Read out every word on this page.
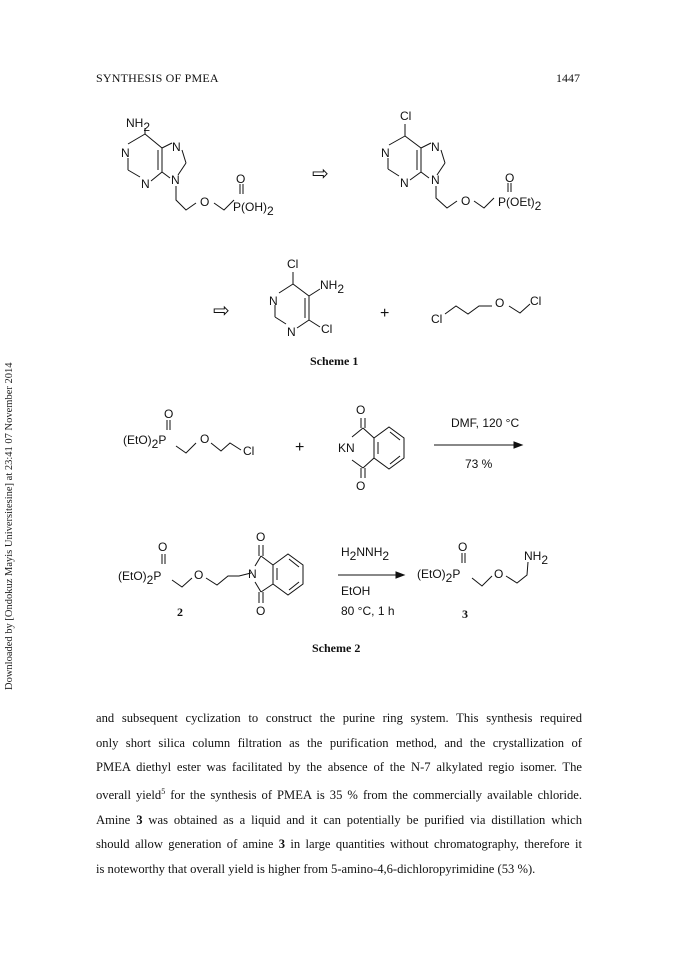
SYNTHESIS OF PMEA	1447
Downloaded by [Ondokuz Mayis Universitesine] at 23:41 07 November 2014
NH2
N
N
N
N
O
O
P(OH)2
⇨
Cl
N
N
N
N
O
O
P(OEt)2
⇨
Cl
NH2
N
N Cl
+	Cl
O Cl
Scheme 1
O
(EtO)2P	O
Cl	+
O
KN
O
DMF, 120 °C
73 %
O
(EtO)2P	O
O
N
O
2
H2NNH2
EtOH
80 °C, 1 h
O
(EtO)2P	O
NH2
3
Scheme 2

and subsequent cyclization to construct the purine ring system. This synthesis required

only short silica column filtration as the purification method, and the crystallization of

PMEA diethyl ester was facilitated by the absence of the N-7 alkylated regio isomer. The

overall yield$^5$ for the synthesis of PMEA is 35 % from the commercially available chloride.

Amine 3 was obtained as a liquid and it can potentially be purified via distillation which

should allow generation of amine 3 in large quantities without chromatography, therefore it

is noteworthy that overall yield is higher from 5-amino-4,6-dichloropyrimidine (53 %).
